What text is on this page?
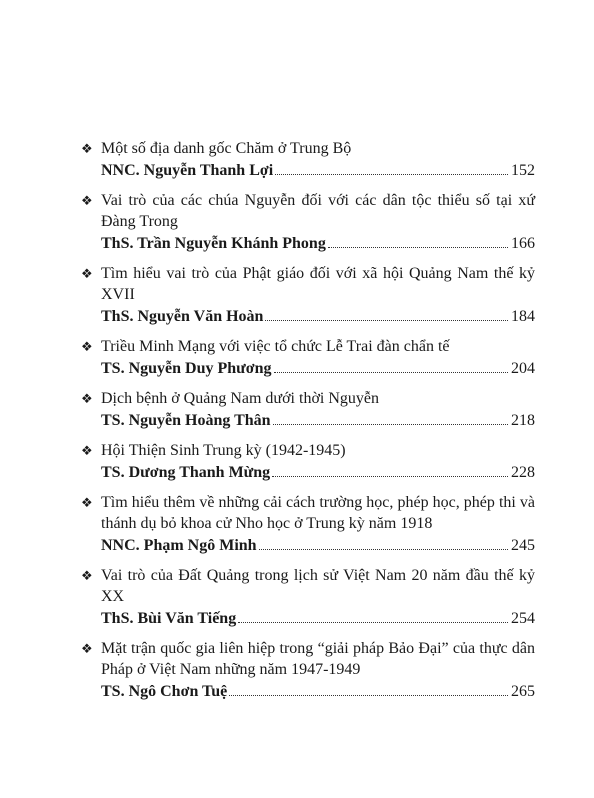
❖ Một số địa danh gốc Chăm ở Trung Bộ
NNC. Nguyễn Thanh Lợi	152
❖ Vai trò của các chúa Nguyễn đối với các dân tộc thiểu số tại xứ Đàng Trong
ThS. Trần Nguyễn Khánh Phong	166
❖ Tìm hiểu vai trò của Phật giáo đối với xã hội Quảng Nam thế kỷ XVII
ThS. Nguyễn Văn Hoàn	184
❖ Triều Minh Mạng với việc tổ chức Lễ Trai đàn chẩn tế
TS. Nguyễn Duy Phương	204
❖ Dịch bệnh ở Quảng Nam dưới thời Nguyễn
TS. Nguyễn Hoàng Thân	218
❖ Hội Thiện Sinh Trung kỳ (1942-1945)
TS. Dương Thanh Mừng	228
❖ Tìm hiểu thêm về những cải cách trường học, phép học, phép thi và thánh dụ bỏ khoa cử Nho học ở Trung kỳ năm 1918
NNC. Phạm Ngô Minh	245
❖ Vai trò của Đất Quảng trong lịch sử Việt Nam 20 năm đầu thế kỷ XX
ThS. Bùi Văn Tiếng	254
❖ Mặt trận quốc gia liên hiệp trong “giải pháp Bảo Đại” của thực dân Pháp ở Việt Nam những năm 1947-1949
TS. Ngô Chơn Tuệ	265
